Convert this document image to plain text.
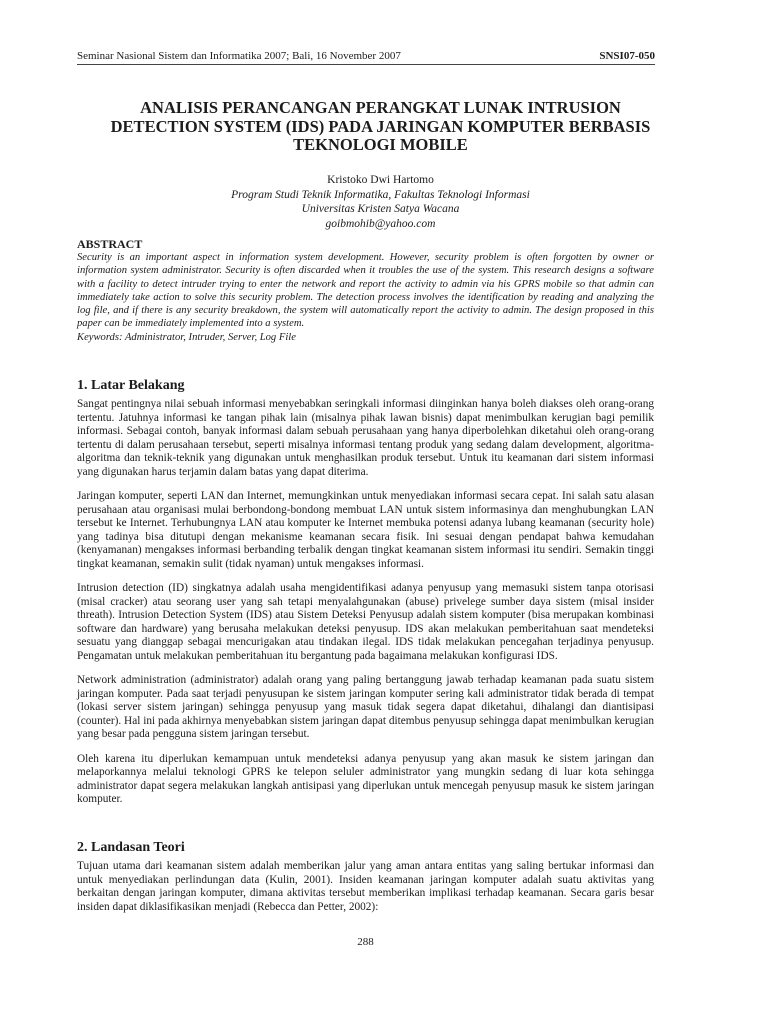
Seminar Nasional Sistem dan Informatika 2007; Bali, 16 November 2007	SNSI07-050
ANALISIS PERANCANGAN PERANGKAT LUNAK INTRUSION
DETECTION SYSTEM (IDS) PADA JARINGAN KOMPUTER BERBASIS
TEKNOLOGI MOBILE
Kristoko Dwi Hartomo
Program Studi Teknik Informatika, Fakultas Teknologi Informasi
Universitas Kristen Satya Wacana
goibmohib@yahoo.com
ABSTRACT

Security is an important aspect in information system development. However, security problem is often forgotten by owner or information system administrator. Security is often discarded when it troubles the use of the system. This research designs a software with a facility to detect intruder trying to enter the network and report the activity to admin via his GPRS mobile so that admin can immediately take action to solve this security problem. The detection process involves the identification by reading and analyzing the log file, and if there is any security breakdown, the system will automatically report the activity to admin. The design proposed in this paper can be immediately implemented into a system.

Keywords: Administrator, Intruder, Server, Log File

1. Latar Belakang

Sangat pentingnya nilai sebuah informasi menyebabkan seringkali informasi diinginkan hanya boleh diakses oleh orang-orang tertentu. Jatuhnya informasi ke tangan pihak lain (misalnya pihak lawan bisnis) dapat menimbulkan kerugian bagi pemilik informasi. Sebagai contoh, banyak informasi dalam sebuah perusahaan yang hanya diperbolehkan diketahui oleh orang-orang tertentu di dalam perusahaan tersebut, seperti misalnya informasi tentang produk yang sedang dalam development, algoritma-algoritma dan teknik-teknik yang digunakan untuk menghasilkan produk tersebut. Untuk itu keamanan dari sistem informasi yang digunakan harus terjamin dalam batas yang dapat diterima.

Jaringan komputer, seperti LAN dan Internet, memungkinkan untuk menyediakan informasi secara cepat. Ini salah satu alasan perusahaan atau organisasi mulai berbondong-bondong membuat LAN untuk sistem informasinya dan menghubungkan LAN tersebut ke Internet. Terhubungnya LAN atau komputer ke Internet membuka potensi adanya lubang keamanan (security hole) yang tadinya bisa ditutupi dengan mekanisme keamanan secara fisik. Ini sesuai dengan pendapat bahwa kemudahan (kenyamanan) mengakses informasi berbanding terbalik dengan tingkat keamanan sistem informasi itu sendiri. Semakin tinggi tingkat keamanan, semakin sulit (tidak nyaman) untuk mengakses informasi.

Intrusion detection (ID) singkatnya adalah usaha mengidentifikasi adanya penyusup yang memasuki sistem tanpa otorisasi (misal cracker) atau seorang user yang sah tetapi menyalahgunakan (abuse) privelege sumber daya sistem (misal insider threath). Intrusion Detection System (IDS) atau Sistem Deteksi Penyusup adalah sistem komputer (bisa merupakan kombinasi software dan hardware) yang berusaha melakukan deteksi penyusup. IDS akan melakukan pemberitahuan saat mendeteksi sesuatu yang dianggap sebagai mencurigakan atau tindakan ilegal. IDS tidak melakukan pencegahan terjadinya penyusup. Pengamatan untuk melakukan pemberitahuan itu bergantung pada bagaimana melakukan konfigurasi IDS.

Network administration (administrator) adalah orang yang paling bertanggung jawab terhadap keamanan pada suatu sistem jaringan komputer. Pada saat terjadi penyusupan ke sistem jaringan komputer sering kali administrator tidak berada di tempat (lokasi server sistem jaringan) sehingga penyusup yang masuk tidak segera dapat diketahui, dihalangi dan diantisipasi (counter). Hal ini pada akhirnya menyebabkan sistem jaringan dapat ditembus penyusup sehingga dapat menimbulkan kerugian yang besar pada pengguna sistem jaringan tersebut.

Oleh karena itu diperlukan kemampuan untuk mendeteksi adanya penyusup yang akan masuk ke sistem jaringan dan melaporkannya melalui teknologi GPRS ke telepon seluler administrator yang mungkin sedang di luar kota sehingga administrator dapat segera melakukan langkah antisipasi yang diperlukan untuk mencegah penyusup masuk ke sistem jaringan komputer.

2. Landasan Teori

Tujuan utama dari keamanan sistem adalah memberikan jalur yang aman antara entitas yang saling bertukar informasi dan untuk menyediakan perlindungan data (Kulin, 2001). Insiden keamanan jaringan komputer adalah suatu aktivitas yang berkaitan dengan jaringan komputer, dimana aktivitas tersebut memberikan implikasi terhadap keamanan. Secara garis besar insiden dapat diklasifikasikan menjadi (Rebecca dan Petter, 2002):

288
